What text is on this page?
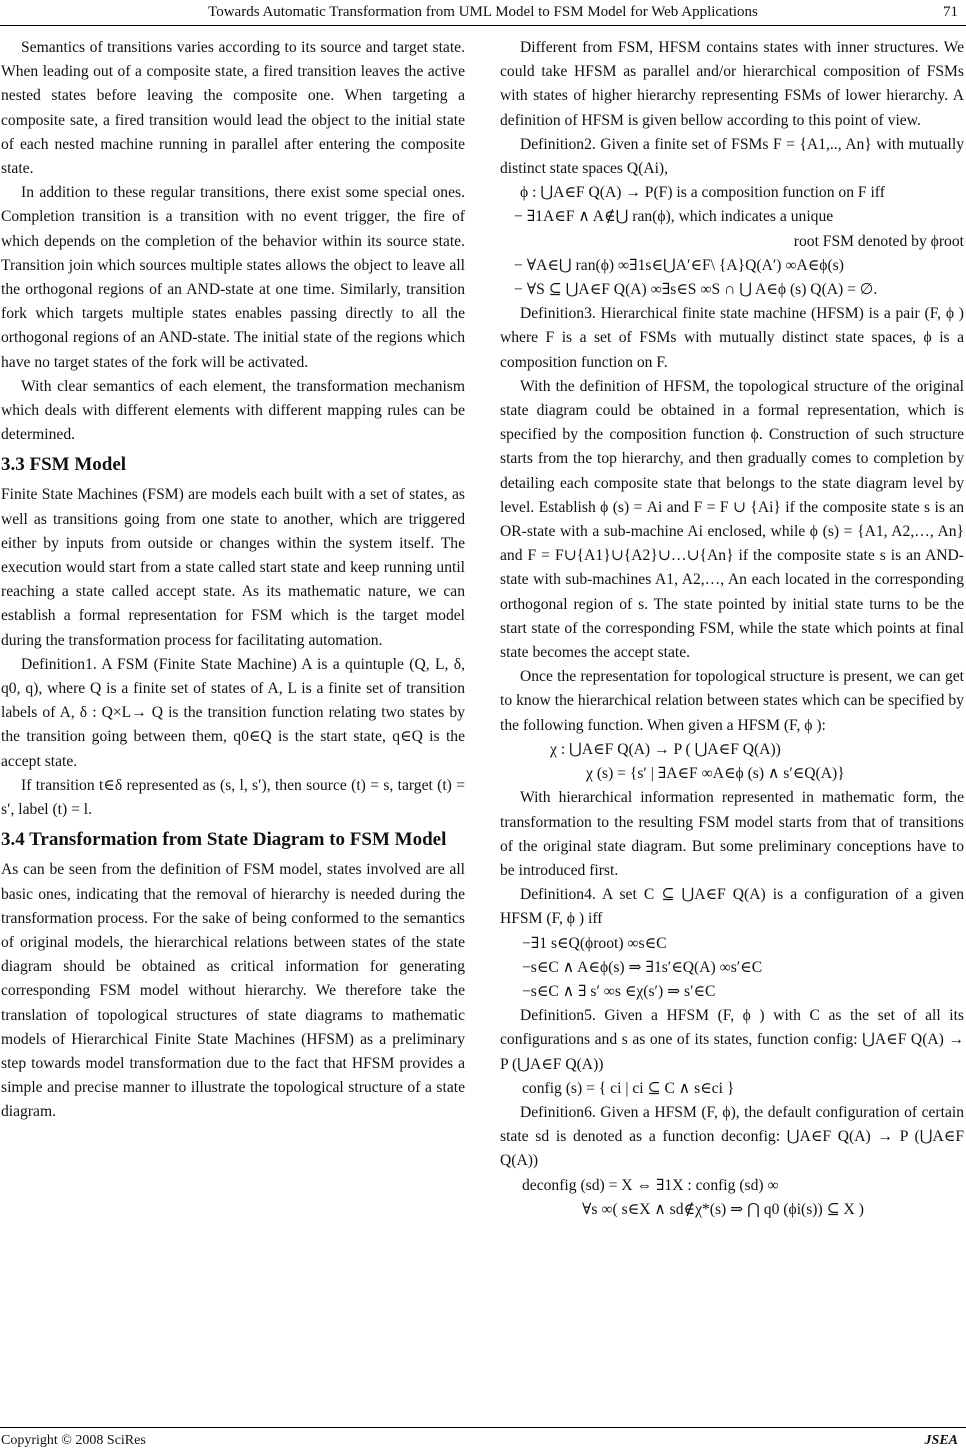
Towards Automatic Transformation from UML Model to FSM Model for Web Applications	71

Semantics of transitions varies according to its source and target state. When leading out of a composite state, a fired transition leaves the active nested states before leaving the composite one. When targeting a composite sate, a fired transition would lead the object to the initial state of each nested machine running in parallel after entering the composite state.

In addition to these regular transitions, there exist some special ones. Completion transition is a transition with no event trigger, the fire of which depends on the completion of the behavior within its source state. Transition join which sources multiple states allows the object to leave all the orthogonal regions of an AND-state at one time. Similarly, transition fork which targets multiple states enables passing directly to all the orthogonal regions of an AND-state. The initial state of the regions which have no target states of the fork will be activated.

With clear semantics of each element, the transformation mechanism which deals with different elements with different mapping rules can be determined.

3.3 FSM Model

Finite State Machines (FSM) are models each built with a set of states, as well as transitions going from one state to another, which are triggered either by inputs from outside or changes within the system itself. The execution would start from a state called start state and keep running until reaching a state called accept state. As its mathematic nature, we can establish a formal representation for FSM which is the target model during the transformation process for facilitating automation.

Definition1. A FSM (Finite State Machine) A is a quintuple (Q, L, δ, q0, q), where Q is a finite set of states of A, L is a finite set of transition labels of A, δ : Q×L→ Q is the transition function relating two states by the transition going between them, q0∈Q is the start state, q∈Q is the accept state.

If transition t∈δ represented as (s, l, s′), then source (t) = s, target (t) = s′, label (t) = l.

3.4 Transformation from State Diagram to FSM Model

As can be seen from the definition of FSM model, states involved are all basic ones, indicating that the removal of hierarchy is needed during the transformation process. For the sake of being conformed to the semantics of original models, the hierarchical relations between states of the state diagram should be obtained as critical information for generating corresponding FSM model without hierarchy. We therefore take the translation of topological structures of state diagrams to mathematic models of Hierarchical Finite State Machines (HFSM) as a preliminary step towards model transformation due to the fact that HFSM provides a simple and precise manner to illustrate the topological structure of a state diagram.

Different from FSM, HFSM contains states with inner structures. We could take HFSM as parallel and/or hierarchical composition of FSMs with states of higher hierarchy representing FSMs of lower hierarchy. A definition of HFSM is given bellow according to this point of view.

Definition2. Given a finite set of FSMs F = {A1,.., An} with mutually distinct state spaces Q(Ai),

ϕ : ⋃A∈F Q(A) → P(F) is a composition function on F iff

− ∃1A∈F ∧ A∉⋃ ran(ϕ), which indicates a unique

root FSM denoted by ϕroot

− ∀A∈⋃ ran(ϕ) ∞∃1s∈⋃A′∈F\ {A}Q(A′) ∞A∈ϕ(s)

− ∀S ⊆ ⋃A∈F Q(A) ∞∃s∈S ∞S ∩ ⋃ A∈ϕ (s) Q(A) = ∅.

Definition3. Hierarchical finite state machine (HFSM) is a pair (F, ϕ ) where F is a set of FSMs with mutually distinct state spaces, ϕ is a composition function on F.

With the definition of HFSM, the topological structure of the original state diagram could be obtained in a formal representation, which is specified by the composition function ϕ. Construction of such structure starts from the top hierarchy, and then gradually comes to completion by detailing each composite state that belongs to the state diagram level by level. Establish ϕ (s) = Ai and F = F ∪ {Ai} if the composite state s is an OR-state with a sub-machine Ai enclosed, while ϕ (s) = {A1, A2,…, An} and F = F∪{A1}∪{A2}∪…∪{An} if the composite state s is an AND-state with sub-machines A1, A2,…, An each located in the corresponding orthogonal region of s. The state pointed by initial state turns to be the start state of the corresponding FSM, while the state which points at final state becomes the accept state.

Once the representation for topological structure is present, we can get to know the hierarchical relation between states which can be specified by the following function. When given a HFSM (F, ϕ ):

χ : ⋃A∈F Q(A) → P ( ⋃A∈F Q(A))

χ (s) = {s′ | ∃A∈F ∞A∈ϕ (s) ∧ s′∈Q(A)}

With hierarchical information represented in mathematic form, the transformation to the resulting FSM model starts from that of transitions of the original state diagram. But some preliminary conceptions have to be introduced first.

Definition4. A set C ⊆ ⋃A∈F Q(A) is a configuration of a given HFSM (F, ϕ ) iff

−∃1 s∈Q(ϕroot) ∞s∈C

−s∈C ∧ A∈ϕ(s) ⇒ ∃1s′∈Q(A) ∞s′∈C

−s∈C ∧ ∃ s′ ∞s ∈χ(s′) ⇒ s′∈C

Definition5. Given a HFSM (F, ϕ ) with C as the set of all its configurations and s as one of its states, function config: ⋃A∈F Q(A) → P (⋃A∈F Q(A))

config (s) = { ci | ci ⊆ C ∧ s∈ci }

Definition6. Given a HFSM (F, ϕ), the default configuration of certain state sd is denoted as a function deconfig: ⋃A∈F Q(A) → P (⋃A∈F Q(A))

deconfig (sd) = X ⇔ ∃1X : config (sd) ∞

∀s ∞( s∈X ∧ sd∉χ*(s) ⇒ ⋂ q0 (ϕi(s)) ⊆ X )

Copyright © 2008 SciRes	JSEA
